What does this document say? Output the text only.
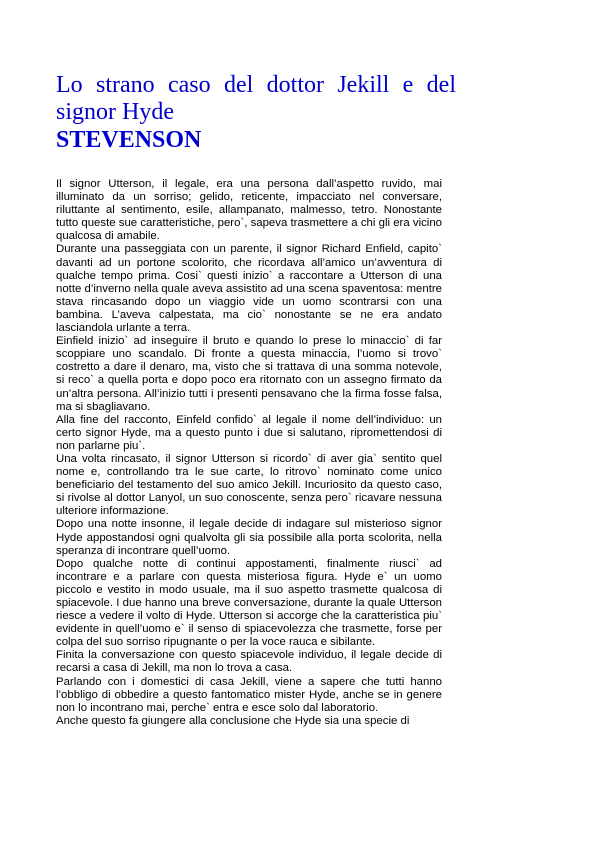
Lo strano caso del dottor Jekill e del signor Hyde
STEVENSON

Il signor Utterson, il legale, era una persona dall’aspetto ruvido, mai illuminato da un sorriso; gelido, reticente, impacciato nel conversare, riluttante al sentimento, esile, allampanato, malmesso, tetro. Nonostante tutto queste sue caratteristiche, pero`, sapeva trasmettere a chi gli era vicino qualcosa di amabile.

Durante una passeggiata con un parente, il signor Richard Enfield, capito` davanti ad un portone scolorito, che ricordava all’amico un’avventura di qualche tempo prima. Cosi` questi inizio` a raccontare a Utterson di una notte d’inverno nella quale aveva assistito ad una scena spaventosa: mentre stava rincasando dopo un viaggio vide un uomo scontrarsi con una bambina. L’aveva calpestata, ma cio` nonostante se ne era andato lasciandola urlante a terra.

Einfield inizio` ad inseguire il bruto e quando lo prese lo minaccio` di far scoppiare uno scandalo. Di fronte a questa minaccia, l’uomo si trovo` costretto a dare il denaro, ma, visto che si trattava di una somma notevole, si reco` a quella porta e dopo poco era ritornato con un assegno firmato da un’altra persona. All’inizio tutti i presenti pensavano che la firma fosse falsa, ma si sbagliavano.

Alla fine del racconto, Einfeld confido` al legale il nome dell’individuo: un certo signor Hyde, ma a questo punto i due si salutano, ripromettendosi di non parlarne piu`.

Una volta rincasato, il signor Utterson si ricordo` di aver gia` sentito quel nome e, controllando tra le sue carte, lo ritrovo` nominato come unico beneficiario del testamento del suo amico Jekill. Incuriosito da questo caso, si rivolse al dottor Lanyol, un suo conoscente, senza pero` ricavare nessuna ulteriore informazione.

Dopo una notte insonne, il legale decide di indagare sul misterioso signor Hyde appostandosi ogni qualvolta gli sia possibile alla porta scolorita, nella speranza di incontrare quell’uomo.

Dopo qualche notte di continui appostamenti, finalmente riusci` ad incontrare e a parlare con questa misteriosa figura. Hyde e` un uomo piccolo e vestito in modo usuale, ma il suo aspetto trasmette qualcosa di spiacevole. I due hanno una breve conversazione, durante la quale Utterson riesce a vedere il volto di Hyde. Utterson si accorge che la caratteristica piu` evidente in quell’uomo e` il senso di spiacevolezza che trasmette, forse per colpa del suo sorriso ripugnante o per la voce rauca e sibilante.

Finita la conversazione con questo spiacevole individuo, il legale decide di recarsi a casa di Jekill, ma non lo trova a casa.

Parlando con i domestici di casa Jekill, viene a sapere che tutti hanno l’obbligo di obbedire a questo fantomatico mister Hyde, anche se in genere non lo incontrano mai, perche` entra e esce solo dal laboratorio.

Anche questo fa giungere alla conclusione che Hyde sia una specie di
